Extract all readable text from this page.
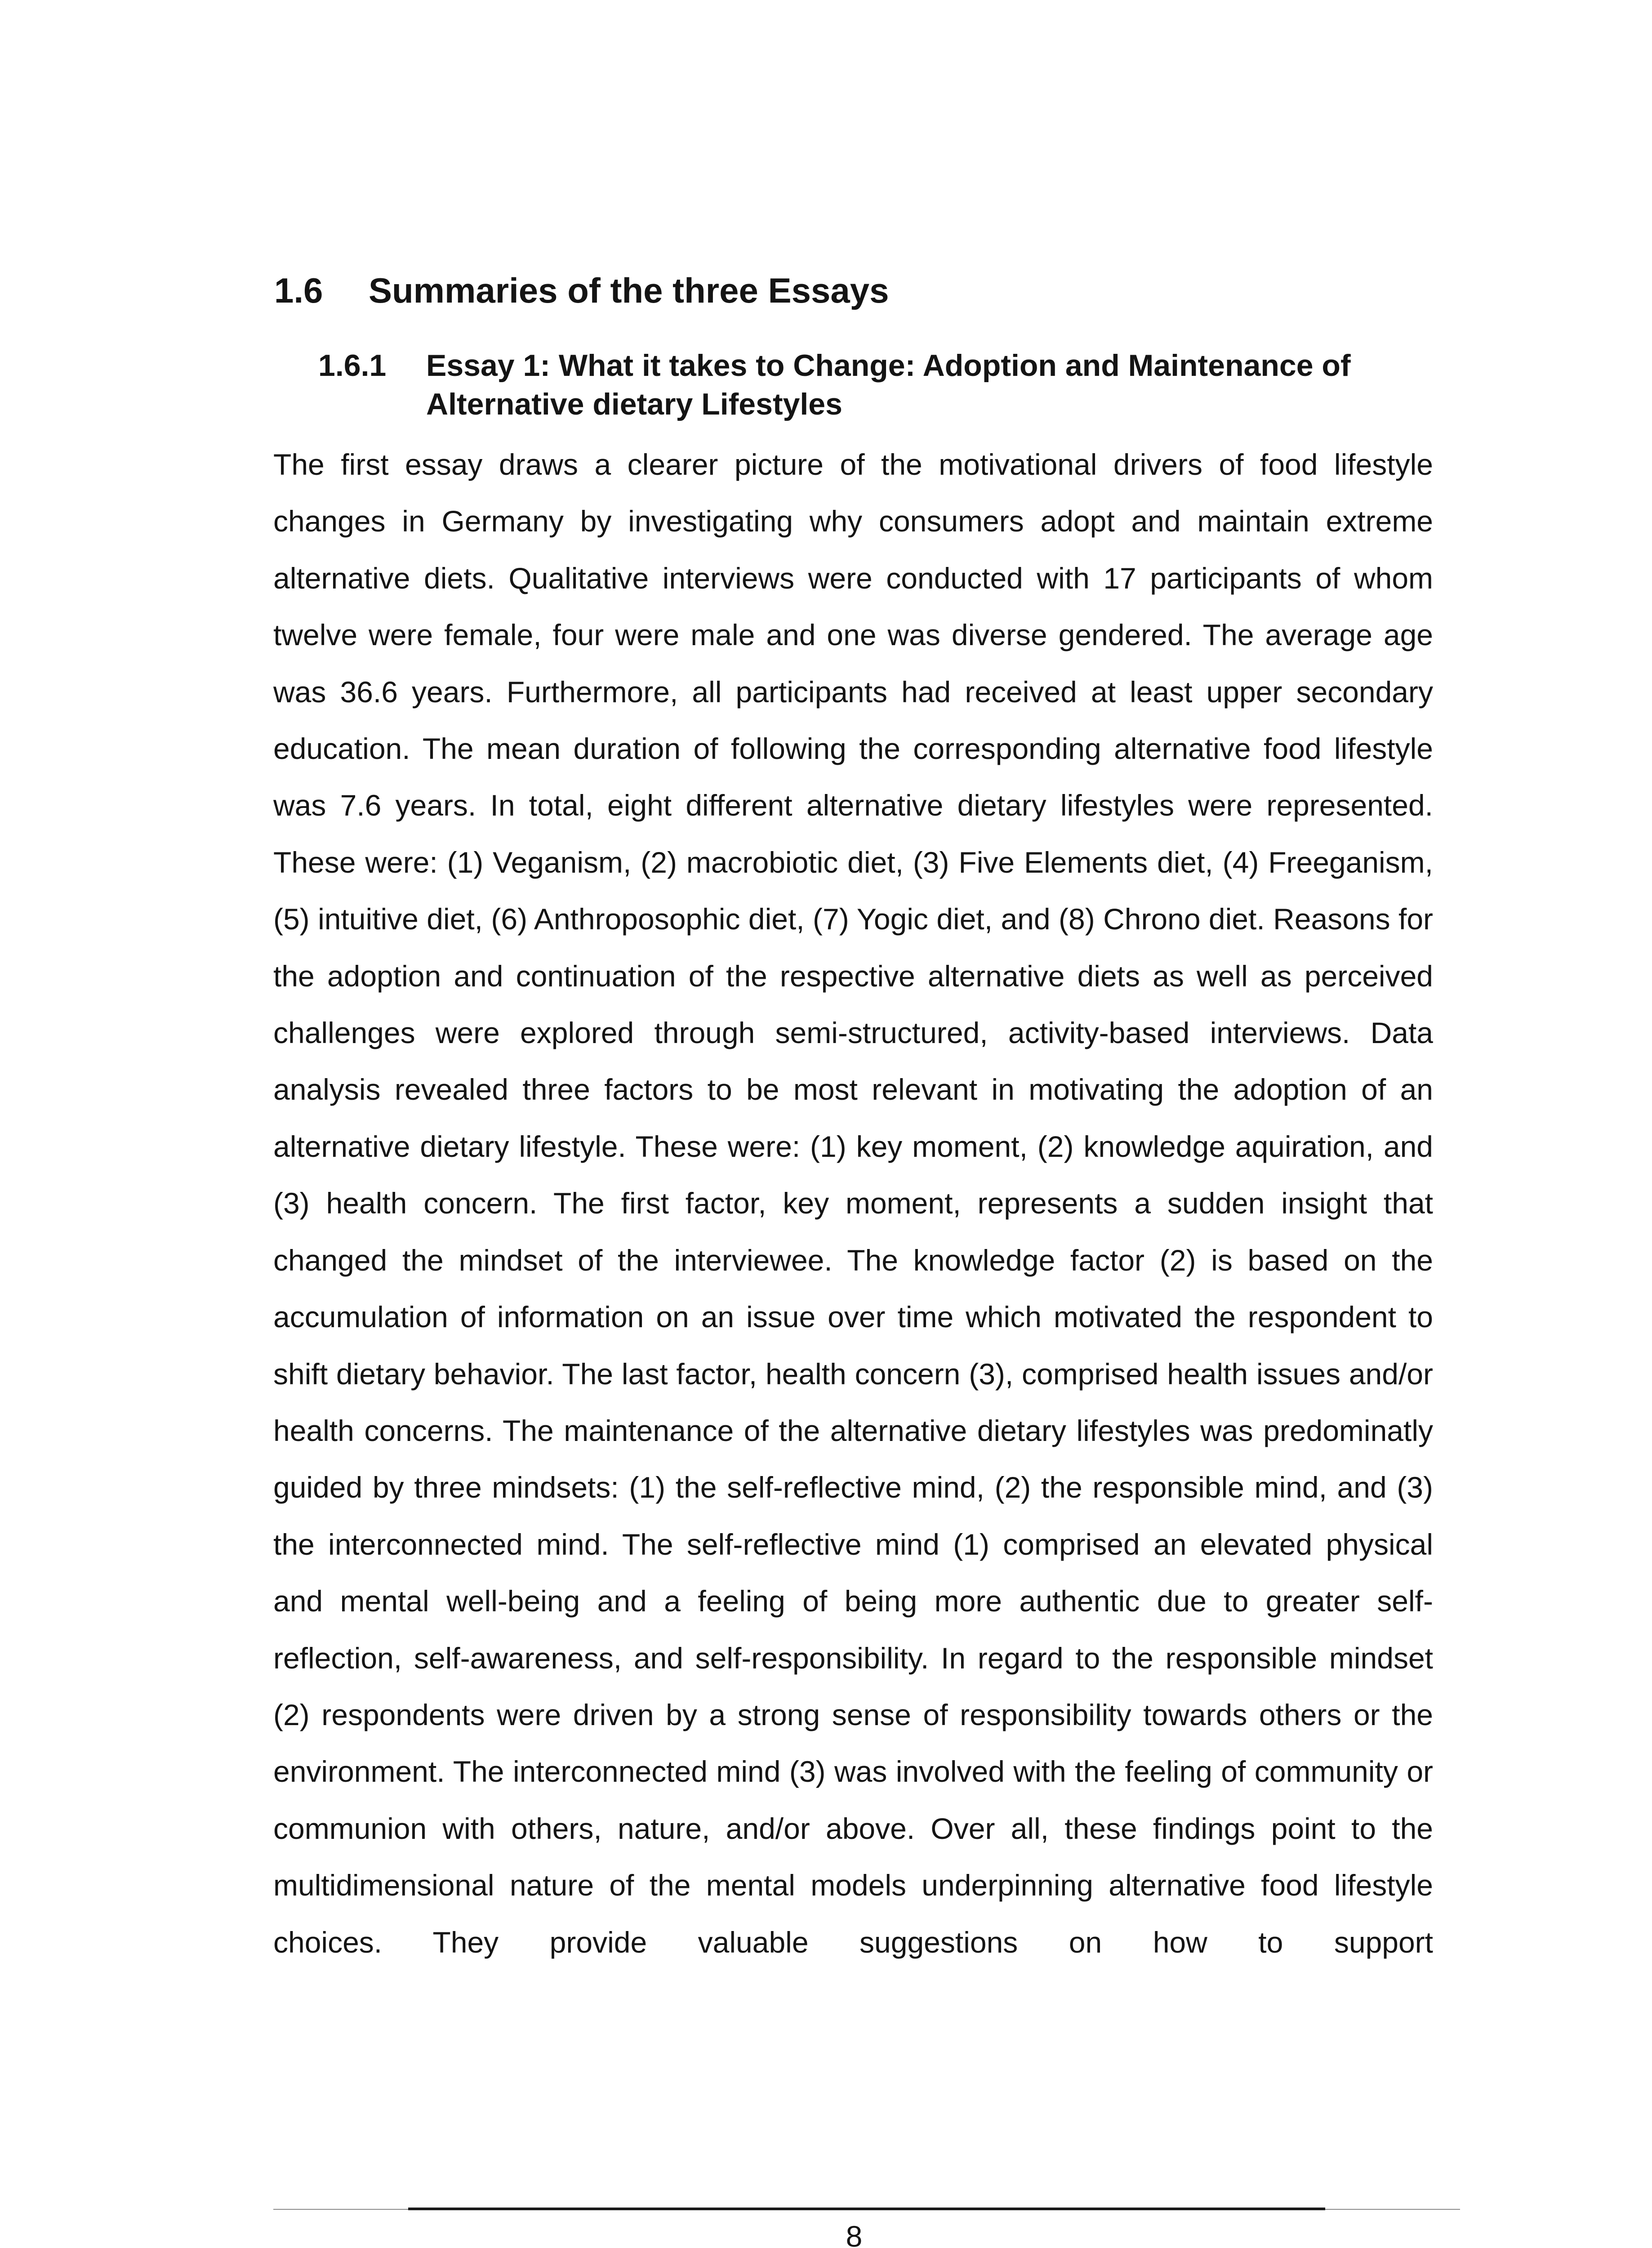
1.6 Summaries of the three Essays
1.6.1 Essay 1: What it takes to Change: Adoption and Maintenance of Alternative dietary Lifestyles

The first essay draws a clearer picture of the motivational drivers of food lifestyle changes in Germany by investigating why consumers adopt and maintain extreme alternative diets. Qualitative interviews were conducted with 17 participants of whom twelve were female, four were male and one was diverse gendered. The average age was 36.6 years. Furthermore, all participants had received at least upper secondary education. The mean duration of following the corresponding alternative food lifestyle was 7.6 years. In total, eight different alternative dietary lifestyles were represented. These were: (1) Veganism, (2) macrobiotic diet, (3) Five Elements diet, (4) Freeganism, (5) intuitive diet, (6) Anthroposophic diet, (7) Yogic diet, and (8) Chrono diet. Reasons for the adoption and continuation of the respective alternative diets as well as perceived challenges were explored through semi-structured, activity-based interviews. Data analysis revealed three factors to be most relevant in motivating the adoption of an alternative dietary lifestyle. These were: (1) key moment, (2) knowledge aquiration, and (3) health concern. The first factor, key moment, represents a sudden insight that changed the mindset of the interviewee. The knowledge factor (2) is based on the accumulation of information on an issue over time which motivated the respondent to shift dietary behavior. The last factor, health concern (3), comprised health issues and/or health concerns. The maintenance of the alternative dietary lifestyles was predominatly guided by three mindsets: (1) the self-reflective mind, (2) the responsible mind, and (3) the interconnected mind. The self-reflective mind (1) comprised an elevated physical and mental well-being and a feeling of being more authentic due to greater self-reflection, self-awareness, and self-responsibility. In regard to the responsible mindset (2) respondents were driven by a strong sense of responsibility towards others or the environment. The interconnected mind (3) was involved with the feeling of community or communion with others, nature, and/or above. Over all, these findings point to the multidimensional nature of the mental models underpinning alternative food lifestyle choices. They provide valuable suggestions on how to support

8
